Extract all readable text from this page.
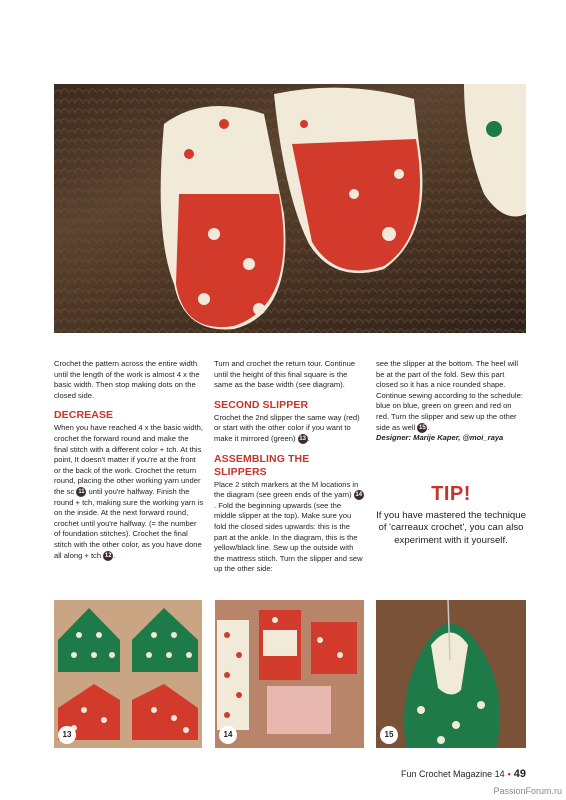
Crochet the pattern across the entire width until the length of the work is almost 4 x the basic width. Then stop making dots on the closed side.

DECREASE

When you have reached 4 x the basic width, crochet the forward round and make the final stitch with a different color + tch. At this point, It doesn't matter if you're at the front or the back of the work. Crochet the return round, placing the other working yarn under the sc 11 until you're halfway. Finish the round + tch, making sure the working yarn is on the inside. At the next forward round, crochet until you're halfway. (= the number of foundation stitches). Crochet the final stitch with the other color, as you have done all along + tch 12 .

Turn and crochet the return tour. Continue until the height of this final square is the same as the base width (see diagram).

SECOND SLIPPER

Crochet the 2nd slipper the same way (red) or start with the other color if you want to make it mirrored (green) 13 .

ASSEMBLING THE SLIPPERS

Place 2 stitch markers at the M locations in the diagram (see green ends of the yarn) 14. Fold the beginning upwards (see the middle slipper at the top). Make sure you fold the closed sides upwards: this is the part at the ankle. In the diagram, this is the yellow/black line. Sew up the outside with the mattress stitch. Turn the slipper and sew up the other side:

see the slipper at the bottom. The heel will be at the part of the fold. Sew this part closed so it has a nice rounded shape. Continue sewing according to the schedule: blue on blue, green on green and red on red. Turn the slipper and sew up the other side as well 15 .

Designer: Marije Kaper, @moi_raya

TIP!
If you have mastered the technique of 'carreaux crochet', you can also experiment with it yourself.
13	14	15
Fun Crochet Magazine 14 • 49
PassionForum.ru
